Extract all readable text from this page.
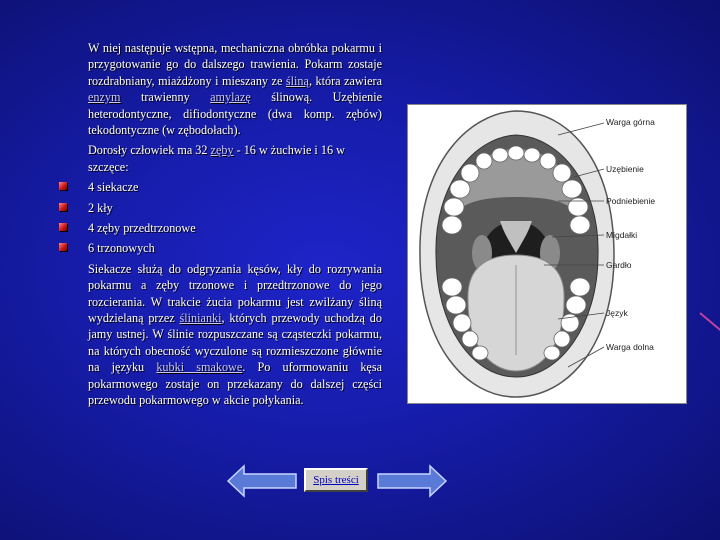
W niej następuje wstępna, mechaniczna obróbka pokarmu i przygotowanie go do dalszego trawienia. Pokarm zostaje rozdrabniany, miażdżony i mieszany ze śliną, która zawiera enzym trawienny amylazę ślinową. Uzębienie heterodontyczne, difiodontyczne (dwa komp. zębów) tekodontyczne (w zębodołach).

Dorosły człowiek ma 32 zęby - 16 w żuchwie i 16 w szczęce:

4 siekacze
2 kły
4 zęby przedtrzonowe
6 trzonowych

Siekacze służą do odgryzania kęsów, kły do rozrywania pokarmu a zęby trzonowe i przedtrzonowe do jego rozcierania. W trakcie żucia pokarmu jest zwilżany śliną wydzielaną przez ślinianki, których przewody uchodzą do jamy ustnej. W ślinie rozpuszczane są cząsteczki pokarmu, na których obecność wyczulone są rozmieszczone głównie na języku kubki smakowe. Po uformowaniu kęsa pokarmowego zostaje on przekazany do dalszej części przewodu pokarmowego w akcie połykania.

Warga górna
Uzębienie
Podniebienie
Migdałki
Gardło
Język
Warga dolna
Spis treści
